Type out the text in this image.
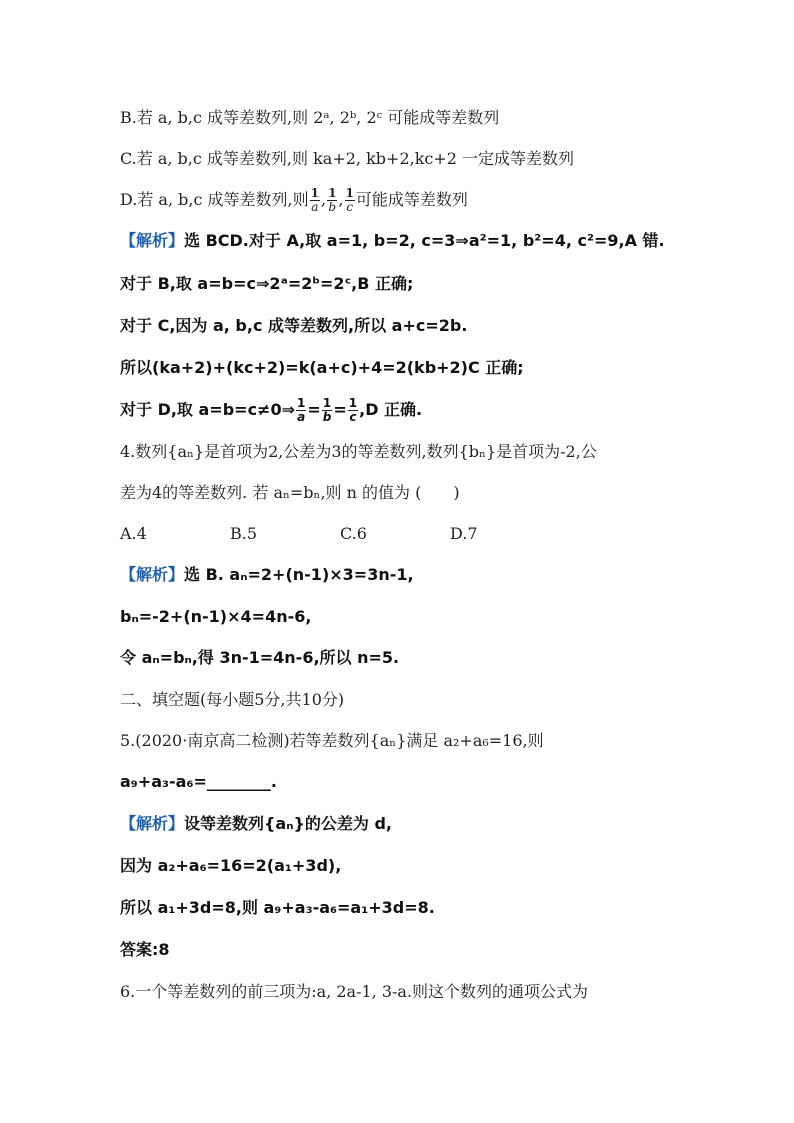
B.若 a, b,c 成等差数列,则 2ᵃ, 2ᵇ, 2ᶜ 可能成等差数列
C.若 a, b,c 成等差数列,则 ka+2, kb+2,kc+2 一定成等差数列
D.若 a, b,c 成等差数列,则 $\frac{1}{a}$ , $\frac{1}{b}$ , $\frac{1}{c}$ 可能成等差数列
【解析】选 BCD.对于 A,取 a=1, b=2, c=3⇒a²=1, b²=4, c²=9,A 错.
对于 B,取 a=b=c⇒2ᵃ=2ᵇ=2ᶜ,B 正确;
对于 C,因为 a, b,c 成等差数列,所以 a+c=2b.
所以(ka+2)+(kc+2)=k(a+c)+4=2(kb+2)C 正确;
对于 D,取 a=b=c≠0⇒ $\frac{1}{a} = \frac{1}{b} = \frac{1}{c} ,D$ 正确.
4.数列{aₙ}是首项为2,公差为3的等差数列,数列{bₙ}是首项为-2,公
差为4的等差数列. 若 aₙ=bₙ,则 n 的值为 (　　)
A.4	B.5	C.6	D.7
【解析】选 B. aₙ=2+(n-1)×3=3n-1,
bₙ=-2+(n-1)×4=4n-6,
令 aₙ=bₙ,得 3n-1=4n-6,所以 n=5.
二、填空题(每小题5分,共10分)
5.(2020·南京高二检测)若等差数列{aₙ}满足 a₂+a₆=16,则
a₉+a₃-a₆=________.
【解析】设等差数列{aₙ}的公差为 d,
因为 a₂+a₆=16=2(a₁+3d),
所以 a₁+3d=8,则 a₉+a₃-a₆=a₁+3d=8.
答案:8
6.一个等差数列的前三项为:a, 2a-1, 3-a.则这个数列的通项公式为
